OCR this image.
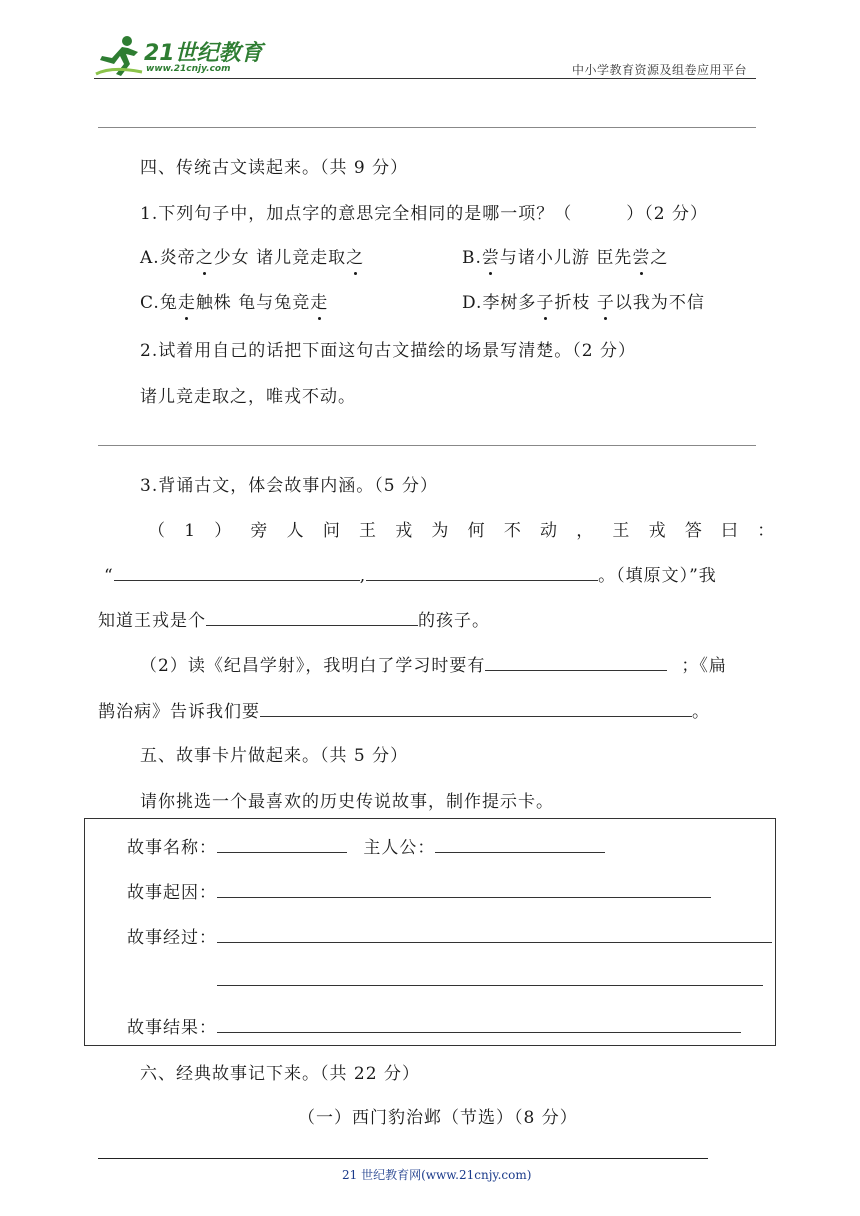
21世纪教育
www.21cnjy.com	中小学教育资源及组卷应用平台
四、传统古文读起来。（共 9 分）
1.下列句子中，加点字的意思完全相同的是哪一项？（　　　）（2 分）
A.炎帝之少女 诸儿竞走取之	B.尝与诸小儿游 臣先尝之
C.兔走触株 龟与兔竞走	D.李树多子折枝 子以我为不信
2.试着用自己的话把下面这句古文描绘的场景写清楚。（2 分）
诸儿竞走取之，唯戎不动。
3.背诵古文，体会故事内涵。（5 分）
（1）旁人问王戎为何不动，王戎答曰：
“	,	。（填原文）”我
知道王戎是个	的孩子。
（2）读《纪昌学射》，我明白了学习时要有	；《扁
鹊治病》告诉我们要	。
五、故事卡片做起来。（共 5 分）
请你挑选一个最喜欢的历史传说故事，制作提示卡。
故事名称：	主人公：
故事起因：
故事经过：
故事结果：
六、经典故事记下来。（共 22 分）
（一）西门豹治邺（节选）（8 分）
21 世纪教育网(www.21cnjy.com)
